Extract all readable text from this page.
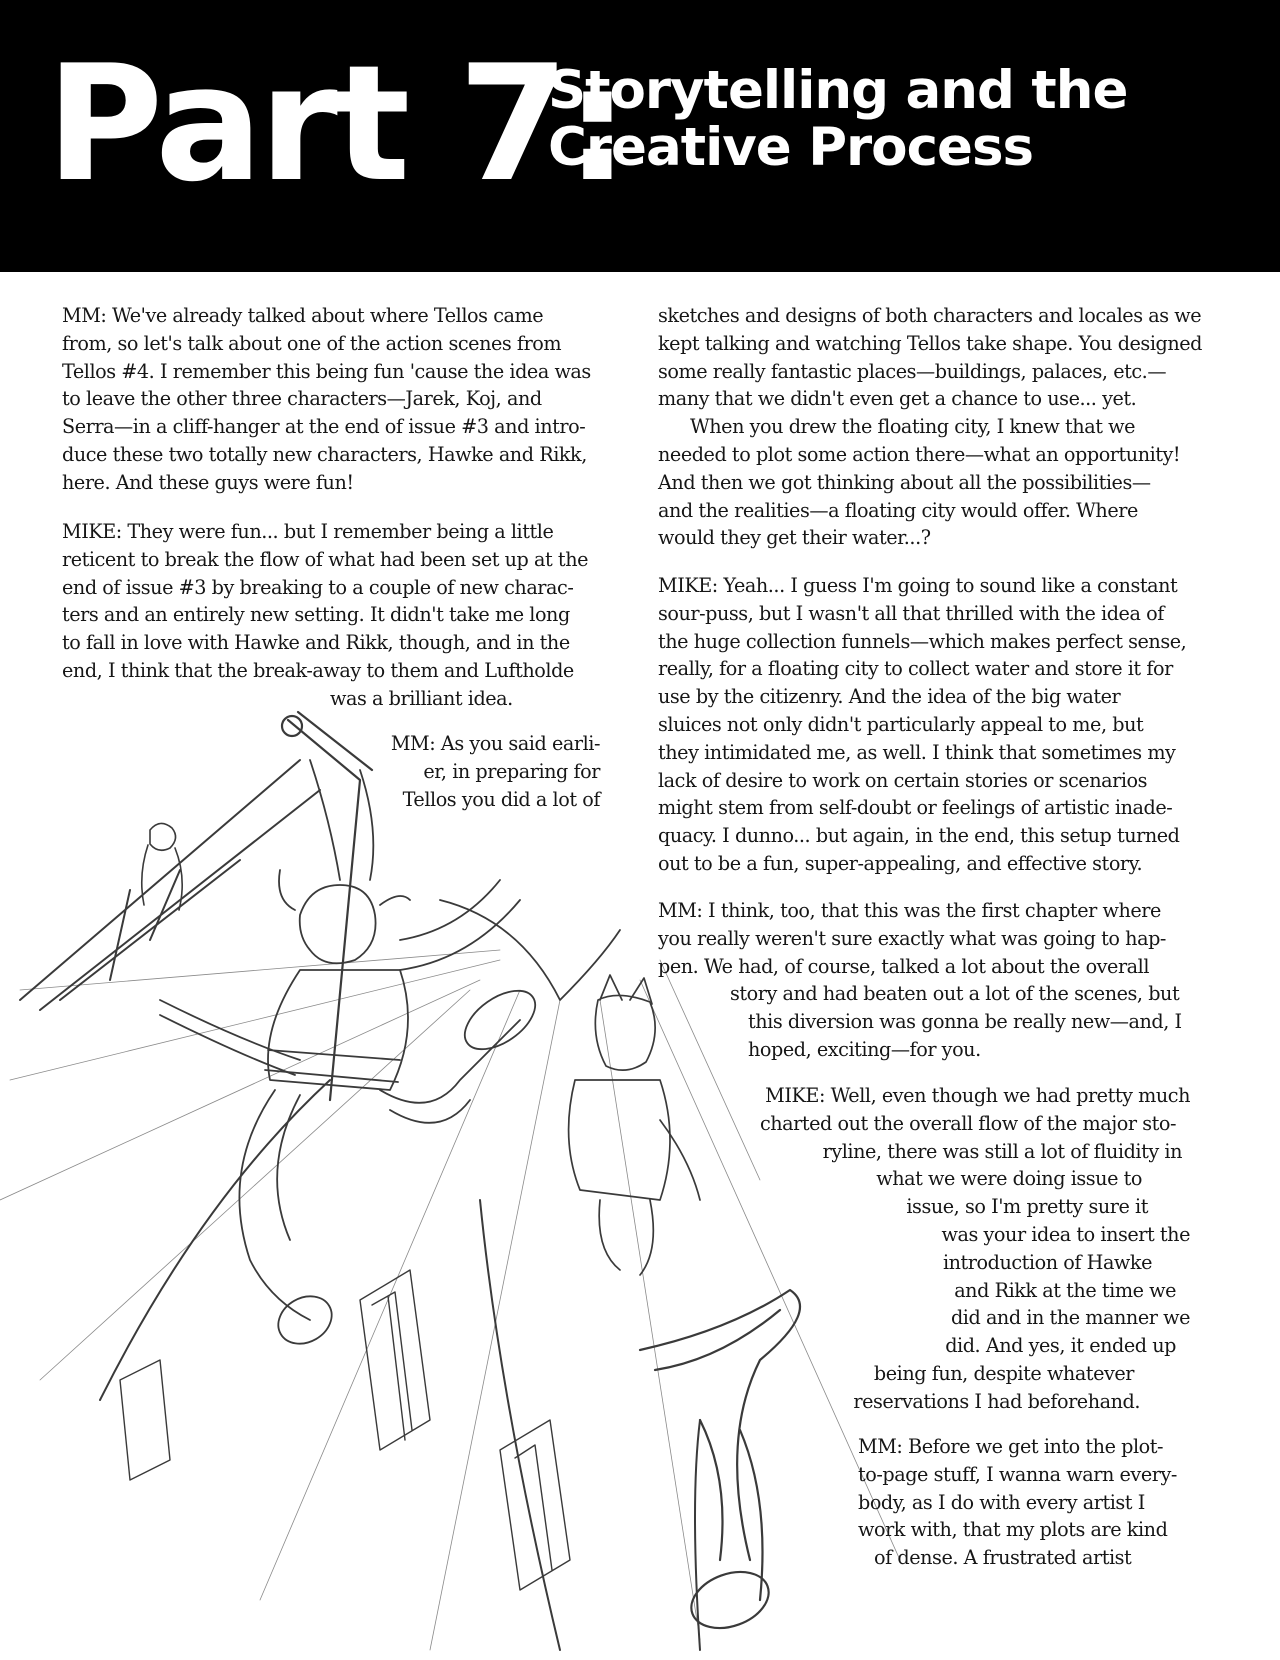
Part 7:
Storytelling and the
Creative Process
MM: We've already talked about where Tellos came
from, so let's talk about one of the action scenes from
Tellos #4. I remember this being fun 'cause the idea was
to leave the other three characters—Jarek, Koj, and
Serra—in a cliff-hanger at the end of issue #3 and intro-
duce these two totally new characters, Hawke and Rikk,
here. And these guys were fun!
MIKE: They were fun... but I remember being a little
reticent to break the flow of what had been set up at the
end of issue #3 by breaking to a couple of new charac-
ters and an entirely new setting. It didn't take me long
to fall in love with Hawke and Rikk, though, and in the
end, I think that the break-away to them and Luftholde
was a brilliant idea.
MM: As you said earli-
er, in preparing for
Tellos you did a lot of
sketches and designs of both characters and locales as we
kept talking and watching Tellos take shape. You designed
some really fantastic places—buildings, palaces, etc.—
many that we didn't even get a chance to use... yet.
When you drew the floating city, I knew that we
needed to plot some action there—what an opportunity!
And then we got thinking about all the possibilities—
and the realities—a floating city would offer. Where
would they get their water...?
MIKE: Yeah... I guess I'm going to sound like a constant
sour-puss, but I wasn't all that thrilled with the idea of
the huge collection funnels—which makes perfect sense,
really, for a floating city to collect water and store it for
use by the citizenry. And the idea of the big water
sluices not only didn't particularly appeal to me, but
they intimidated me, as well. I think that sometimes my
lack of desire to work on certain stories or scenarios
might stem from self-doubt or feelings of artistic inade-
quacy. I dunno... but again, in the end, this setup turned
out to be a fun, super-appealing, and effective story.
MM: I think, too, that this was the first chapter where
you really weren't sure exactly what was going to hap-
pen. We had, of course, talked a lot about the overall
story and had beaten out a lot of the scenes, but
this diversion was gonna be really new—and, I
hoped, exciting—for you.
MIKE: Well, even though we had pretty much
charted out the overall flow of the major sto-
ryline, there was still a lot of fluidity in
what we were doing issue to
issue, so I'm pretty sure it
was your idea to insert the
introduction of Hawke
and Rikk at the time we
did and in the manner we
did. And yes, it ended up
being fun, despite whatever
reservations I had beforehand.
MM: Before we get into the plot-
to-page stuff, I wanna warn every-
body, as I do with every artist I
work with, that my plots are kind
of dense. A frustrated artist
